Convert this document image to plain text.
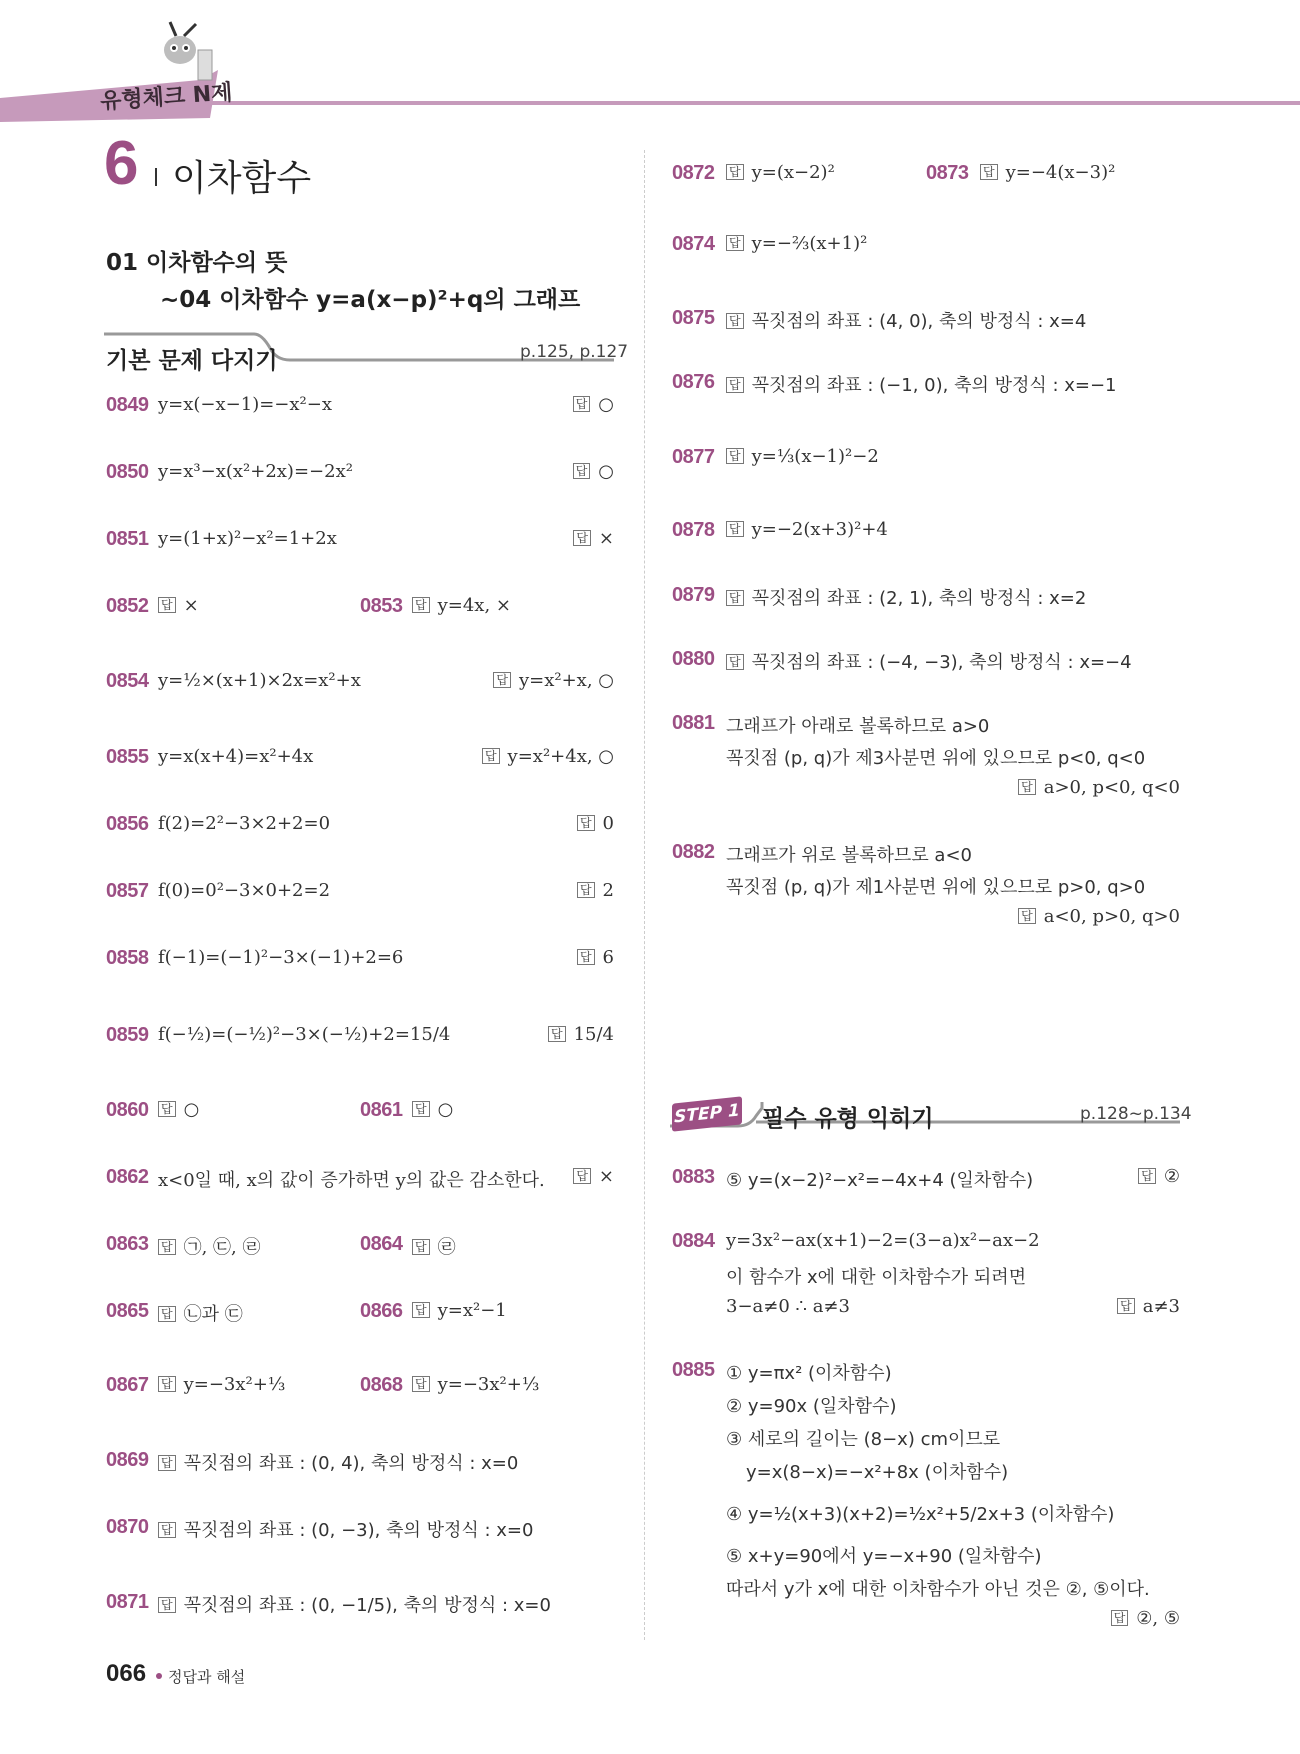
유형체크 N제
6 이차함수
01 이차함수의 뜻
~04 이차함수 y=a(x−p)²+q의 그래프
기본 문제 다지기	p.125, p.127
0849 y=x(−x−1)=−x²−x	답 ○
0850 y=x³−x(x²+2x)=−2x²	답 ○
0851 y=(1+x)²−x²=1+2x	답 ×
0852 답 ×	0853 답 y=4x, ×
0854 y=½×(x+1)×2x=x²+x	답 y=x²+x, ○
0855 y=x(x+4)=x²+4x	답 y=x²+4x, ○
0856 f(2)=2²−3×2+2=0	답 0
0857 f(0)=0²−3×0+2=2	답 2
0858 f(−1)=(−1)²−3×(−1)+2=6	답 6
0859 f(−½)=(−½)²−3×(−½)+2=15/4	답 15/4
0860 답 ○	0861 답 ○
0862 x<0일 때, x의 값이 증가하면 y의 값은 감소한다.	답 ×
0863 답 ㉠, ㉢, ㉣	0864 답 ㉣
0865 답 ㉡과 ㉢	0866 답 y=x²−1
0867 답 y=−3x²+⅓	0868 답 y=−3x²+⅓
0869 답 꼭짓점의 좌표 : (0, 4), 축의 방정식 : x=0
0870 답 꼭짓점의 좌표 : (0, −3), 축의 방정식 : x=0
0871 답 꼭짓점의 좌표 : (0, −1/5), 축의 방정식 : x=0
0872 답 y=(x−2)²	0873 답 y=−4(x−3)²
0874 답 y=−⅔(x+1)²
0875 답 꼭짓점의 좌표 : (4, 0), 축의 방정식 : x=4
0876 답 꼭짓점의 좌표 : (−1, 0), 축의 방정식 : x=−1
0877 답 y=⅓(x−1)²−2
0878 답 y=−2(x+3)²+4
0879 답 꼭짓점의 좌표 : (2, 1), 축의 방정식 : x=2
0880 답 꼭짓점의 좌표 : (−4, −3), 축의 방정식 : x=−4
0881 그래프가 아래로 볼록하므로 a>0
꼭짓점 (p, q)가 제3사분면 위에 있으므로 p<0, q<0
답 a>0, p<0, q<0
0882 그래프가 위로 볼록하므로 a<0
꼭짓점 (p, q)가 제1사분면 위에 있으므로 p>0, q>0
답 a<0, p>0, q>0
STEP 1 필수 유형 익히기	p.128~p.134
0883 ⑤ y=(x−2)²−x²=−4x+4 (일차함수)	답 ②
0884 y=3x²−ax(x+1)−2=(3−a)x²−ax−2
이 함수가 x에 대한 이차함수가 되려면
3−a≠0 ∴ a≠3	답 a≠3
0885 ① y=πx² (이차함수)
② y=90x (일차함수)
③ 세로의 길이는 (8−x) cm이므로
y=x(8−x)=−x²+8x (이차함수)
④ y=½(x+3)(x+2)=½x²+5/2x+3 (이차함수)
⑤ x+y=90에서 y=−x+90 (일차함수)
따라서 y가 x에 대한 이차함수가 아닌 것은 ②, ⑤이다.
답 ②, ⑤
066 정답과 해설
